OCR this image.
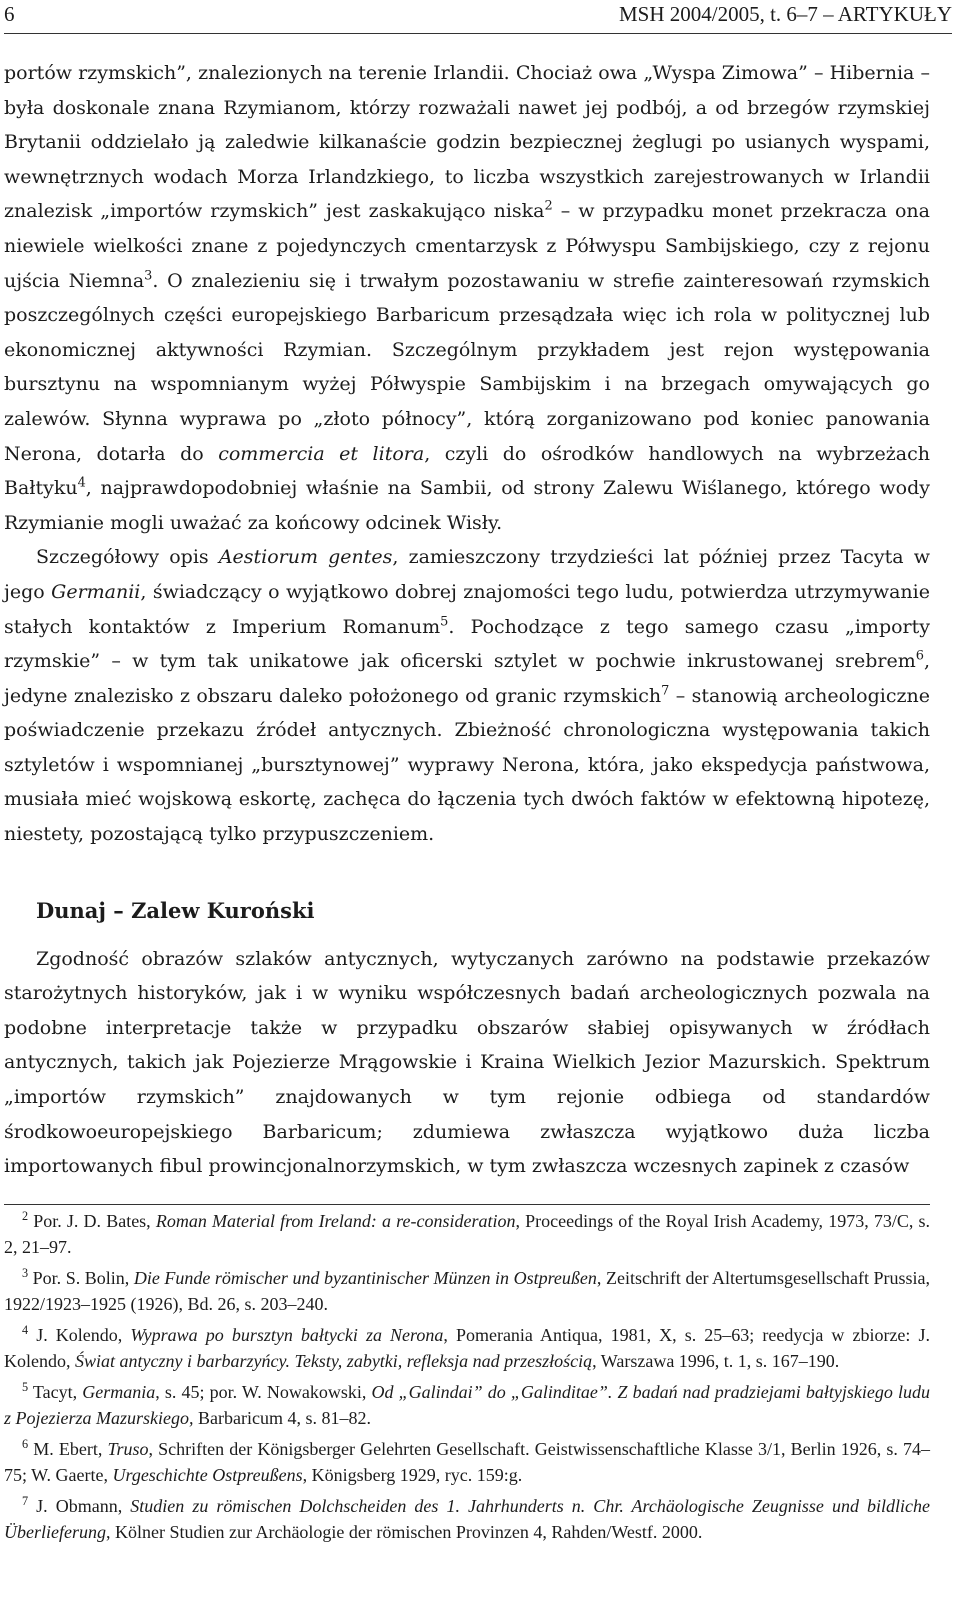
6	MSH 2004/2005, t. 6–7 – ARTYKUŁY

portów rzymskich”, znalezionych na terenie Irlandii. Chociaż owa „Wyspa Zimowa” – Hibernia – była doskonale znana Rzymianom, którzy rozważali nawet jej podbój, a od brzegów rzymskiej Brytanii oddzielało ją zaledwie kilkanaście godzin bezpiecznej żeglugi po usianych wyspami, wewnętrznych wodach Morza Irlandzkiego, to liczba wszystkich zarejestrowanych w Irlandii znalezisk „importów rzymskich” jest zaskakująco niska$^2$ – w przypadku monet przekracza ona niewiele wielkości znane z pojedynczych cmentarzysk z Półwyspu Sambijskiego, czy z rejonu ujścia Niemna$^3$. O znalezieniu się i trwałym pozostawaniu w strefie zainteresowań rzymskich poszczególnych części europejskiego Barbaricum przesądzała więc ich rola w politycznej lub ekonomicznej aktywności Rzymian. Szczególnym przykładem jest rejon występowania bursztynu na wspomnianym wyżej Półwyspie Sambijskim i na brzegach omywających go zalewów. Słynna wyprawa po „złoto północy”, którą zorganizowano pod koniec panowania Nerona, dotarła do commercia et litora, czyli do ośrodków handlowych na wybrzeżach Bałtyku$^4$, najprawdopodobniej właśnie na Sambii, od strony Zalewu Wiślanego, którego wody Rzymianie mogli uważać za końcowy odcinek Wisły.

Szczegółowy opis Aestiorum gentes, zamieszczony trzydzieści lat później przez Tacyta w jego Germanii, świadczący o wyjątkowo dobrej znajomości tego ludu, potwierdza utrzymywanie stałych kontaktów z Imperium Romanum$^5$. Pochodzące z tego samego czasu „importy rzymskie” – w tym tak unikatowe jak oficerski sztylet w pochwie inkrustowanej srebrem$^6$, jedyne znalezisko z obszaru daleko położonego od granic rzymskich$^7$ – stanowią archeologiczne poświadczenie przekazu źródeł antycznych. Zbieżność chronologiczna występowania takich sztyletów i wspomnianej „bursztynowej” wyprawy Nerona, która, jako ekspedycja państwowa, musiała mieć wojskową eskortę, zachęca do łączenia tych dwóch faktów w efektowną hipotezę, niestety, pozostającą tylko przypuszczeniem.

Dunaj – Zalew Kuroński

Zgodność obrazów szlaków antycznych, wytyczanych zarówno na podstawie przekazów starożytnych historyków, jak i w wyniku współczesnych badań archeologicznych pozwala na podobne interpretacje także w przypadku obszarów słabiej opisywanych w źródłach antycznych, takich jak Pojezierze Mrągowskie i Kraina Wielkich Jezior Mazurskich. Spektrum „importów rzymskich” znajdowanych w tym rejonie odbiega od standardów środkowoeuropejskiego Barbaricum; zdumiewa zwłaszcza wyjątkowo duża liczba importowanych fibul prowincjonalnorzymskich, w tym zwłaszcza wczesnych zapinek z czasów

$^2$ Por. J. D. Bates, Roman Material from Ireland: a re-consideration, Proceedings of the Royal Irish Academy, 1973, 73/C, s. 2, 21–97.

$^3$ Por. S. Bolin, Die Funde römischer und byzantinischer Münzen in Ostpreußen, Zeitschrift der Altertumsgesellschaft Prussia, 1922/1923–1925 (1926), Bd. 26, s. 203–240.

$^4$ J. Kolendo, Wyprawa po bursztyn bałtycki za Nerona, Pomerania Antiqua, 1981, X, s. 25–63; reedycja w zbiorze: J. Kolendo, Świat antyczny i barbarzyńcy. Teksty, zabytki, refleksja nad przeszłością, Warszawa 1996, t. 1, s. 167–190.

$^5$ Tacyt, Germania, s. 45; por. W. Nowakowski, Od „Galindai” do „Galinditae”. Z badań nad pradziejami bałtyjskiego ludu z Pojezierza Mazurskiego, Barbaricum 4, s. 81–82.

$^6$ M. Ebert, Truso, Schriften der Königsberger Gelehrten Gesellschaft. Geistwissenschaftliche Klasse 3/1, Berlin 1926, s. 74–75; W. Gaerte, Urgeschichte Ostpreußens, Königsberg 1929, ryc. 159:g.

$^7$ J. Obmann, Studien zu römischen Dolchscheiden des 1. Jahrhunderts n. Chr. Archäologische Zeugnisse und bildliche Überlieferung, Kölner Studien zur Archäologie der römischen Provinzen 4, Rahden/Westf. 2000.
